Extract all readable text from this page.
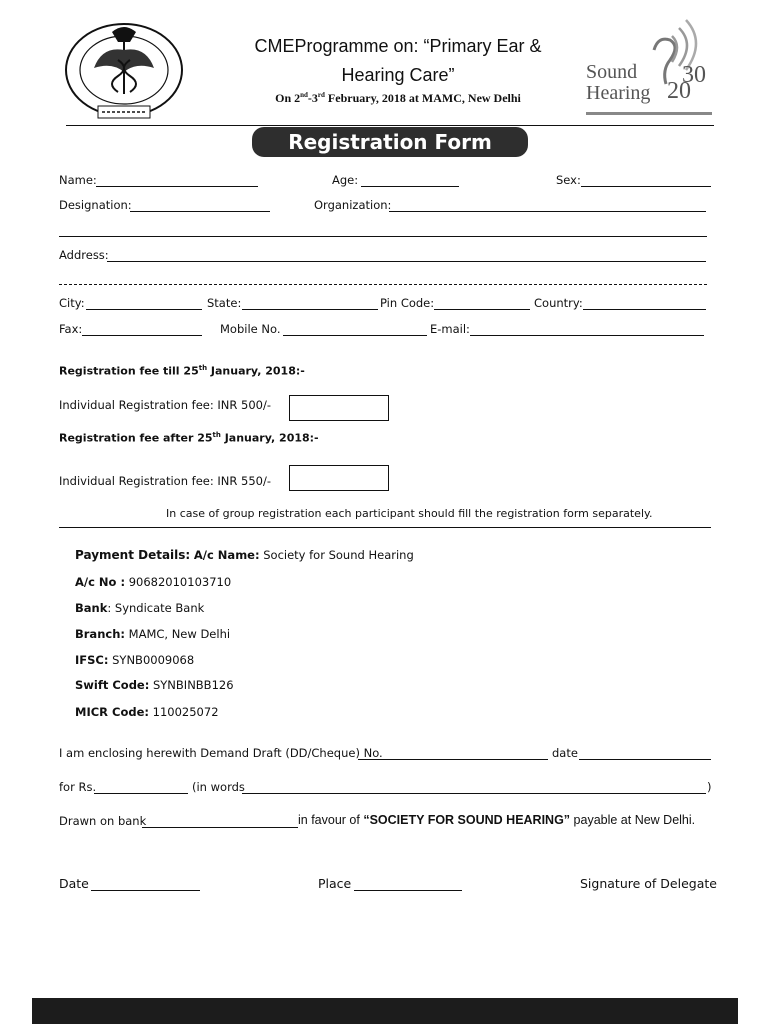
CMEProgramme on: “Primary Ear &
Hearing Care”
On 2nd-3rd February, 2018 at MAMC, New Delhi
Sound
Hearing 20
30
Registration Form
Name:	Age:	Sex:
Designation:	Organization:
Address:
City:	State:	Pin Code:	Country:
Fax:	Mobile No.	E-mail:
Registration fee till 25th January, 2018:-
Individual Registration fee: INR 500/-
Registration fee after 25th January, 2018:-
Individual Registration fee: INR 550/-
In case of group registration each participant should fill the registration form separately.
Payment Details: A/c Name: Society for Sound Hearing
A/c No : 90682010103710
Bank: Syndicate Bank
Branch: MAMC, New Delhi
IFSC: SYNB0009068
Swift Code: SYNBINBB126
MICR Code: 110025072
I am enclosing herewith Demand Draft (DD/Cheque) No.	date
for Rs.	(in words	)
Drawn on bank	in favour of “SOCIETY FOR SOUND HEARING” payable at New Delhi.
Date	Place	Signature of Delegate
